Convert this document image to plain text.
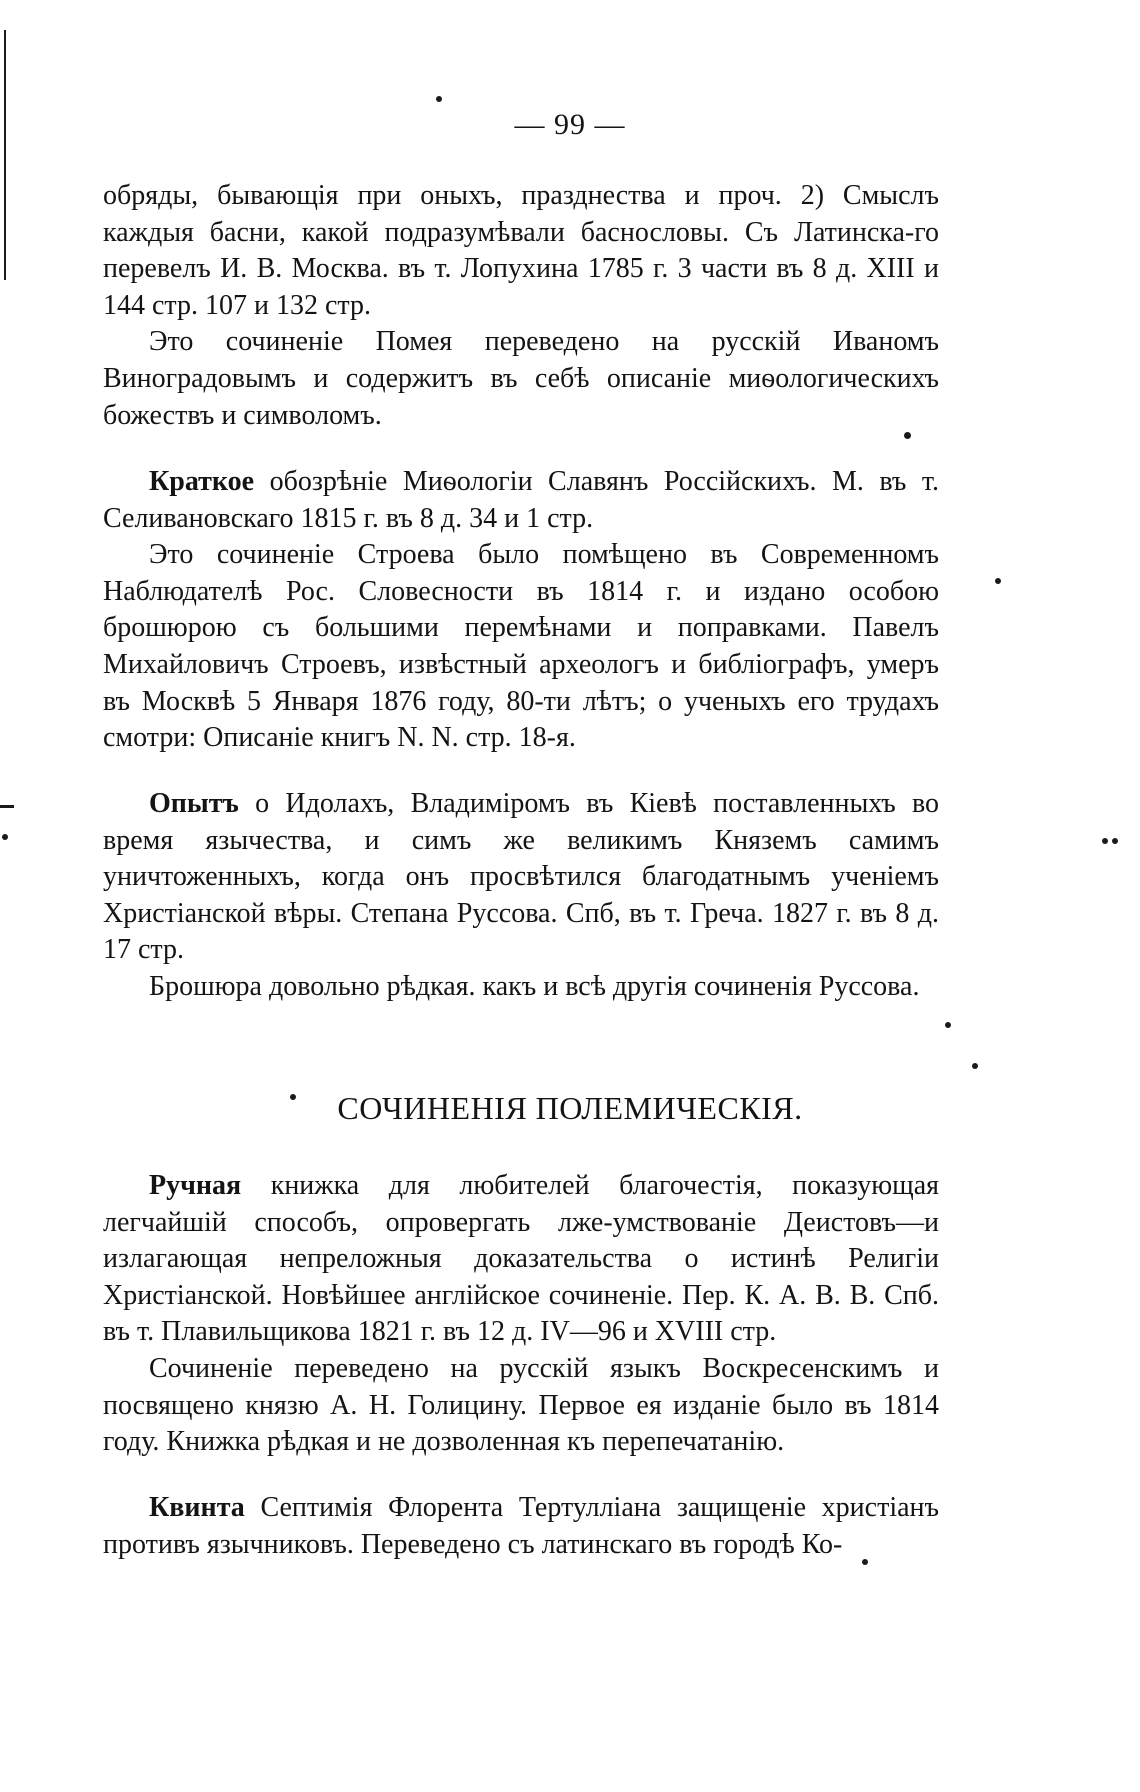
— 99 —

обряды, бывающія при оныхъ, празднества и проч. 2) Смыслъ каждыя басни, какой подразумѣвали баснословы. Съ Латинска-го перевелъ И. В. Москва. въ т. Лопухина 1785 г. 3 части въ 8 д. XIII и 144 стр. 107 и 132 стр.

Это сочиненіе Помея переведено на русскій Иваномъ Виноградовымъ и содержитъ въ себѣ описаніе миѳологическихъ божествъ и символомъ.

Краткое обозрѣніе Миѳологіи Славянъ Россійскихъ. М. въ т. Селивановскаго 1815 г. въ 8 д. 34 и 1 стр.

Это сочиненіе Строева было помѣщено въ Современномъ Наблюдателѣ Рос. Словесности въ 1814 г. и издано особою брошюрою съ большими перемѣнами и поправками. Павелъ Михайловичъ Строевъ, извѣстный археологъ и библіографъ, умеръ въ Москвѣ 5 Января 1876 году, 80-ти лѣтъ; о ученыхъ его трудахъ смотри: Описаніе книгъ N. N. стр. 18-я.

Опытъ о Идолахъ, Владиміромъ въ Кіевѣ поставленныхъ во время язычества, и симъ же великимъ Княземъ самимъ уничтоженныхъ, когда онъ просвѣтился благодатнымъ ученіемъ Христіанской вѣры. Степана Руссова. Спб, въ т. Греча. 1827 г. въ 8 д. 17 стр.

Брошюра довольно рѣдкая. какъ и всѣ другія сочиненія Руссова.

СОЧИНЕНІЯ ПОЛЕМИЧЕСКІЯ.

Ручная книжка для любителей благочестія, показующая легчайшій способъ, опровергать лже-умствованіе Деистовъ—и излагающая непреложныя доказательства о истинѣ Религіи Христіанской. Новѣйшее англійское сочиненіе. Пер. К. А. В. В. Спб. въ т. Плавильщикова 1821 г. въ 12 д. IV—96 и XVIII стр.

Сочиненіе переведено на русскій языкъ Воскресенскимъ и посвящено князю А. Н. Голицину. Первое ея изданіе было въ 1814 году. Книжка рѣдкая и не дозволенная къ перепечатанію.

Квинта Септимія Флорента Тертулліана защищеніе христіанъ противъ язычниковъ. Переведено съ латинскаго въ городѣ Ко-
